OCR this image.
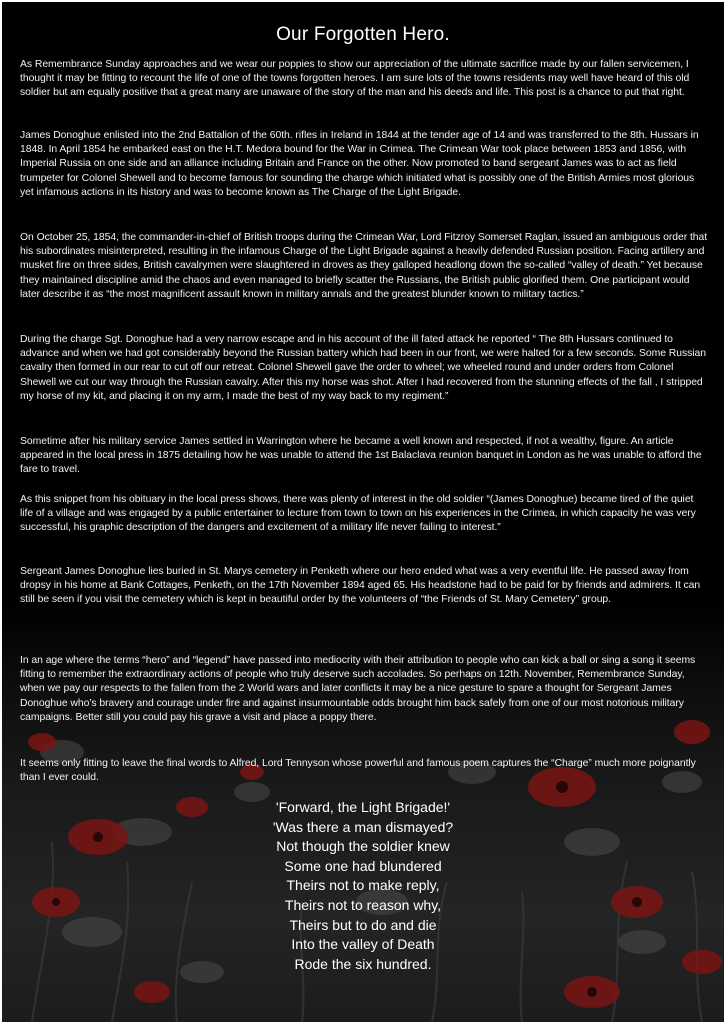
Our Forgotten Hero.

As Remembrance Sunday approaches and we wear our poppies to show our appreciation of the ultimate sacrifice made by our fallen servicemen, I thought it may be fitting to recount the life of one of the towns forgotten heroes. I am sure lots of the towns residents may well have heard of this old soldier but am equally positive that a great many are unaware of the story of the man and his deeds and life. This post is a chance to put that right.

James Donoghue enlisted into the 2nd Battalion of the 60th. rifles in Ireland in 1844 at the tender age of 14 and was transferred to the 8th. Hussars in 1848. In April 1854 he embarked east on the H.T. Medora bound for the War in Crimea. The Crimean War took place between 1853 and 1856, with Imperial Russia on one side and an alliance including Britain and France on the other. Now promoted to band sergeant James was to act as field trumpeter for Colonel Shewell and to become famous for sounding the charge which initiated what is possibly one of the British Armies most glorious yet infamous actions in its history and was to become known as The Charge of the Light Brigade.

On October 25, 1854, the commander-in-chief of British troops during the Crimean War, Lord Fitzroy Somerset Raglan, issued an ambiguous order that his subordinates misinterpreted, resulting in the infamous Charge of the Light Brigade against a heavily defended Russian position. Facing artillery and musket fire on three sides, British cavalrymen were slaughtered in droves as they galloped headlong down the so-called “valley of death.” Yet because they maintained discipline amid the chaos and even managed to briefly scatter the Russians, the British public glorified them. One participant would later describe it as “the most magnificent assault known in military annals and the greatest blunder known to military tactics.”

During the charge Sgt. Donoghue had a very narrow escape and in his account of the ill fated attack he reported “ The 8th Hussars continued to advance and when we had got considerably beyond the Russian battery which had been in our front, we were halted for a few seconds. Some Russian cavalry then formed in our rear to cut off our retreat. Colonel Shewell gave the order to wheel; we wheeled round and under orders from Colonel Shewell we cut our way through the Russian cavalry. After this my horse was shot. After I had recovered from the stunning effects of the fall , I stripped my horse of my kit, and placing it on my arm, I made the best of my way back to my regiment.”

Sometime after his military service James settled in Warrington where he became a well known and respected, if not a wealthy, figure. An article appeared in the local press in 1875 detailing how he was unable to attend the 1st Balaclava reunion banquet in London as he was unable to afford the fare to travel.

As this snippet from his obituary in the local press shows, there was plenty of interest in the old soldier “(James Donoghue) became tired of the quiet life of a village and was engaged by a public entertainer to lecture from town to town on his experiences in the Crimea, in which capacity he was very successful, his graphic description of the dangers and excitement of a military life never failing to interest.”

Sergeant James Donoghue lies buried in St. Marys cemetery in Penketh where our hero ended what was a very eventful life. He passed away from dropsy in his home at Bank Cottages, Penketh, on the 17th November 1894 aged 65. His headstone had to be paid for by friends and admirers. It can still be seen if you visit the cemetery which is kept in beautiful order by the volunteers of “the Friends of St. Mary Cemetery” group.

In an age where the terms “hero” and “legend” have passed into mediocrity with their attribution to people who can kick a ball or sing a song it seems fitting to remember the extraordinary actions of people who truly deserve such accolades. So perhaps on 12th. November, Remembrance Sunday, when we pay our respects to the fallen from the 2 World wars and later conflicts it may be a nice gesture to spare a thought for Sergeant James Donoghue who’s bravery and courage under fire and against insurmountable odds brought him back safely from one of our most notorious military campaigns. Better still you could pay his grave a visit and place a poppy there.

It seems only fitting to leave the final words to Alfred, Lord Tennyson whose powerful and famous poem captures the “Charge” much more poignantly than I ever could.

'Forward, the Light Brigade!'
'Was there a man dismayed?
Not though the soldier knew
Some one had blundered
Theirs not to make reply,
Theirs not to reason why,
Theirs but to do and die
Into the valley of Death
Rode the six hundred.
